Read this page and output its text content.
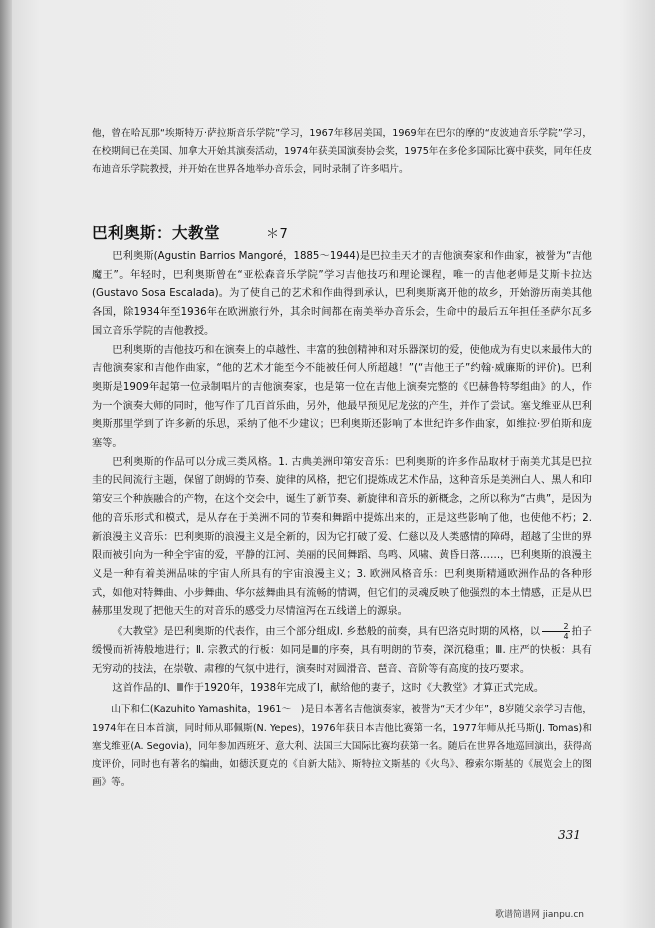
他，曾在哈瓦那“埃斯特万·萨拉斯音乐学院”学习，1967年移居美国，1969年在巴尔的摩的“皮波迪音乐学院”学习，在校期间已在美国、加拿大开始其演奏活动，1974年获美国演奏协会奖，1975年在多伦多国际比赛中获奖，同年任皮布迪音乐学院教授，并开始在世界各地举办音乐会，同时录制了许多唱片。

巴利奥斯：大教堂	＊7

巴利奥斯(Agustin Barrios Mangoré，1885～1944)是巴拉圭天才的吉他演奏家和作曲家，被誉为“吉他魔王”。年轻时，巴利奥斯曾在“亚松森音乐学院”学习吉他技巧和理论课程，唯一的吉他老师是艾斯卡拉达(Gustavo Sosa Escalada)。为了使自己的艺术和作曲得到承认，巴利奥斯离开他的故乡，开始游历南美其他各国，除1934年至1936年在欧洲旅行外，其余时间都在南美举办音乐会，生命中的最后五年担任圣萨尔瓦多国立音乐学院的吉他教授。

巴利奥斯的吉他技巧和在演奏上的卓越性、丰富的独创精神和对乐器深切的爱，使他成为有史以来最伟大的吉他演奏家和吉他作曲家，“他的艺术才能至今不能被任何人所超越！”(“吉他王子”约翰·威廉斯的评价)。巴利奥斯是1909年起第一位录制唱片的吉他演奏家，也是第一位在吉他上演奏完整的《巴赫鲁特琴组曲》的人，作为一个演奏大师的同时，他写作了几百首乐曲，另外，他最早预见尼龙弦的产生，并作了尝试。塞戈维亚从巴利奥斯那里学到了许多新的乐思，采纳了他不少建议；巴利奥斯还影响了本世纪许多作曲家，如维拉·罗伯斯和庞塞等。

巴利奥斯的作品可以分成三类风格。1. 古典美洲印第安音乐：巴利奥斯的许多作品取材于南美尤其是巴拉圭的民间流行主题，保留了朗姆的节奏、旋律的风格，把它们提炼成艺术作品，这种音乐是美洲白人、黑人和印第安三个种族融合的产物，在这个交会中，诞生了新节奏、新旋律和音乐的新概念，之所以称为“古典”，是因为他的音乐形式和模式，是从存在于美洲不同的节奏和舞蹈中提炼出来的，正是这些影响了他，也使他不朽；2. 新浪漫主义音乐：巴利奥斯的浪漫主义是全新的，因为它打破了爱、仁慈以及人类感情的障碍，超越了尘世的界限而被引向为一种全宇宙的爱，平静的江河、美丽的民间舞蹈、鸟鸣、风啸、黄昏日落……，巴利奥斯的浪漫主义是一种有着美洲品味的宇宙人所具有的宇宙浪漫主义；3. 欧洲风格音乐：巴利奥斯精通欧洲作品的各种形式，如他对特舞曲、小步舞曲、华尔兹舞曲具有流畅的情调，但它们的灵魂反映了他强烈的本土情感，正是从巴赫那里发现了把他天生的对音乐的感受力尽情渲泻在五线谱上的源泉。

《大教堂》是巴利奥斯的代表作，由三个部分组成Ⅰ. 乡愁般的前奏，具有巴洛克时期的风格，以 $\frac{2}{4}$ 拍子缓慢而祈祷般地进行；Ⅱ. 宗教式的行板：如同是Ⅲ的序奏，具有明朗的节奏，深沉稳重；Ⅲ. 庄严的快板：具有无穷动的技法，在崇敬、肃穆的气氛中进行，演奏时对圆滑音、琶音、音阶等有高度的技巧要求。

这首作品的Ⅰ、Ⅲ作于1920年，1938年完成了Ⅰ，献给他的妻子，这时《大教堂》才算正式完成。

山下和仁(Kazuhito Yamashita，1961～　)是日本著名吉他演奏家，被誉为“天才少年”，8岁随父亲学习吉他，1974年在日本首演，同时师从耶佩斯(N. Yepes)，1976年获日本吉他比赛第一名，1977年师从托马斯(J. Tomas)和塞戈维亚(A. Segovia)，同年参加西班牙、意大利、法国三大国际比赛均获第一名。随后在世界各地巡回演出，获得高度评价，同时也有著名的编曲，如德沃夏克的《自新大陆》、斯特拉文斯基的《火鸟》、穆索尔斯基的《展览会上的图画》等。

331
歌谱简谱网 jianpu.cn
